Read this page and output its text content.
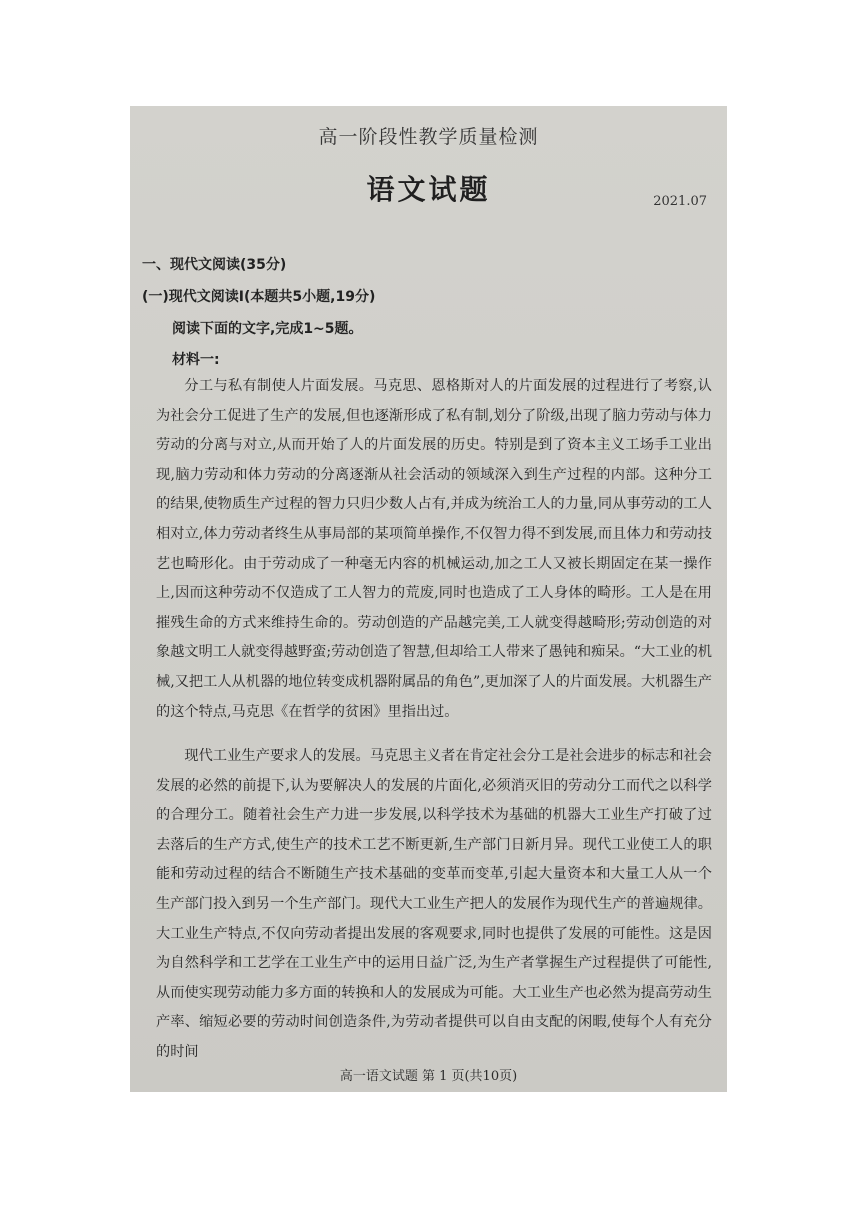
高一阶段性教学质量检测
语文试题	2021.07
一、现代文阅读(35分)
(一)现代文阅读Ⅰ(本题共5小题,19分)
阅读下面的文字,完成1~5题。
材料一:

分工与私有制使人片面发展。马克思、恩格斯对人的片面发展的过程进行了考察,认为社会分工促进了生产的发展,但也逐渐形成了私有制,划分了阶级,出现了脑力劳动与体力劳动的分离与对立,从而开始了人的片面发展的历史。特别是到了资本主义工场手工业出现,脑力劳动和体力劳动的分离逐渐从社会活动的领域深入到生产过程的内部。这种分工的结果,使物质生产过程的智力只归少数人占有,并成为统治工人的力量,同从事劳动的工人相对立,体力劳动者终生从事局部的某项简单操作,不仅智力得不到发展,而且体力和劳动技艺也畸形化。由于劳动成了一种毫无内容的机械运动,加之工人又被长期固定在某一操作上,因而这种劳动不仅造成了工人智力的荒废,同时也造成了工人身体的畸形。工人是在用摧残生命的方式来维持生命的。劳动创造的产品越完美,工人就变得越畸形;劳动创造的对象越文明工人就变得越野蛮;劳动创造了智慧,但却给工人带来了愚钝和痴呆。“大工业的机械,又把工人从机器的地位转变成机器附属品的角色”,更加深了人的片面发展。大机器生产的这个特点,马克思《在哲学的贫困》里指出过。

现代工业生产要求人的发展。马克思主义者在肯定社会分工是社会进步的标志和社会发展的必然的前提下,认为要解决人的发展的片面化,必须消灭旧的劳动分工而代之以科学的合理分工。随着社会生产力进一步发展,以科学技术为基础的机器大工业生产打破了过去落后的生产方式,使生产的技术工艺不断更新,生产部门日新月异。现代工业使工人的职能和劳动过程的结合不断随生产技术基础的变革而变革,引起大量资本和大量工人从一个生产部门投入到另一个生产部门。现代大工业生产把人的发展作为现代生产的普遍规律。大工业生产特点,不仅向劳动者提出发展的客观要求,同时也提供了发展的可能性。这是因为自然科学和工艺学在工业生产中的运用日益广泛,为生产者掌握生产过程提供了可能性,从而使实现劳动能力多方面的转换和人的发展成为可能。大工业生产也必然为提高劳动生产率、缩短必要的劳动时间创造条件,为劳动者提供可以自由支配的闲暇,使每个人有充分的时间

高一语文试题 第 1 页(共10页)
